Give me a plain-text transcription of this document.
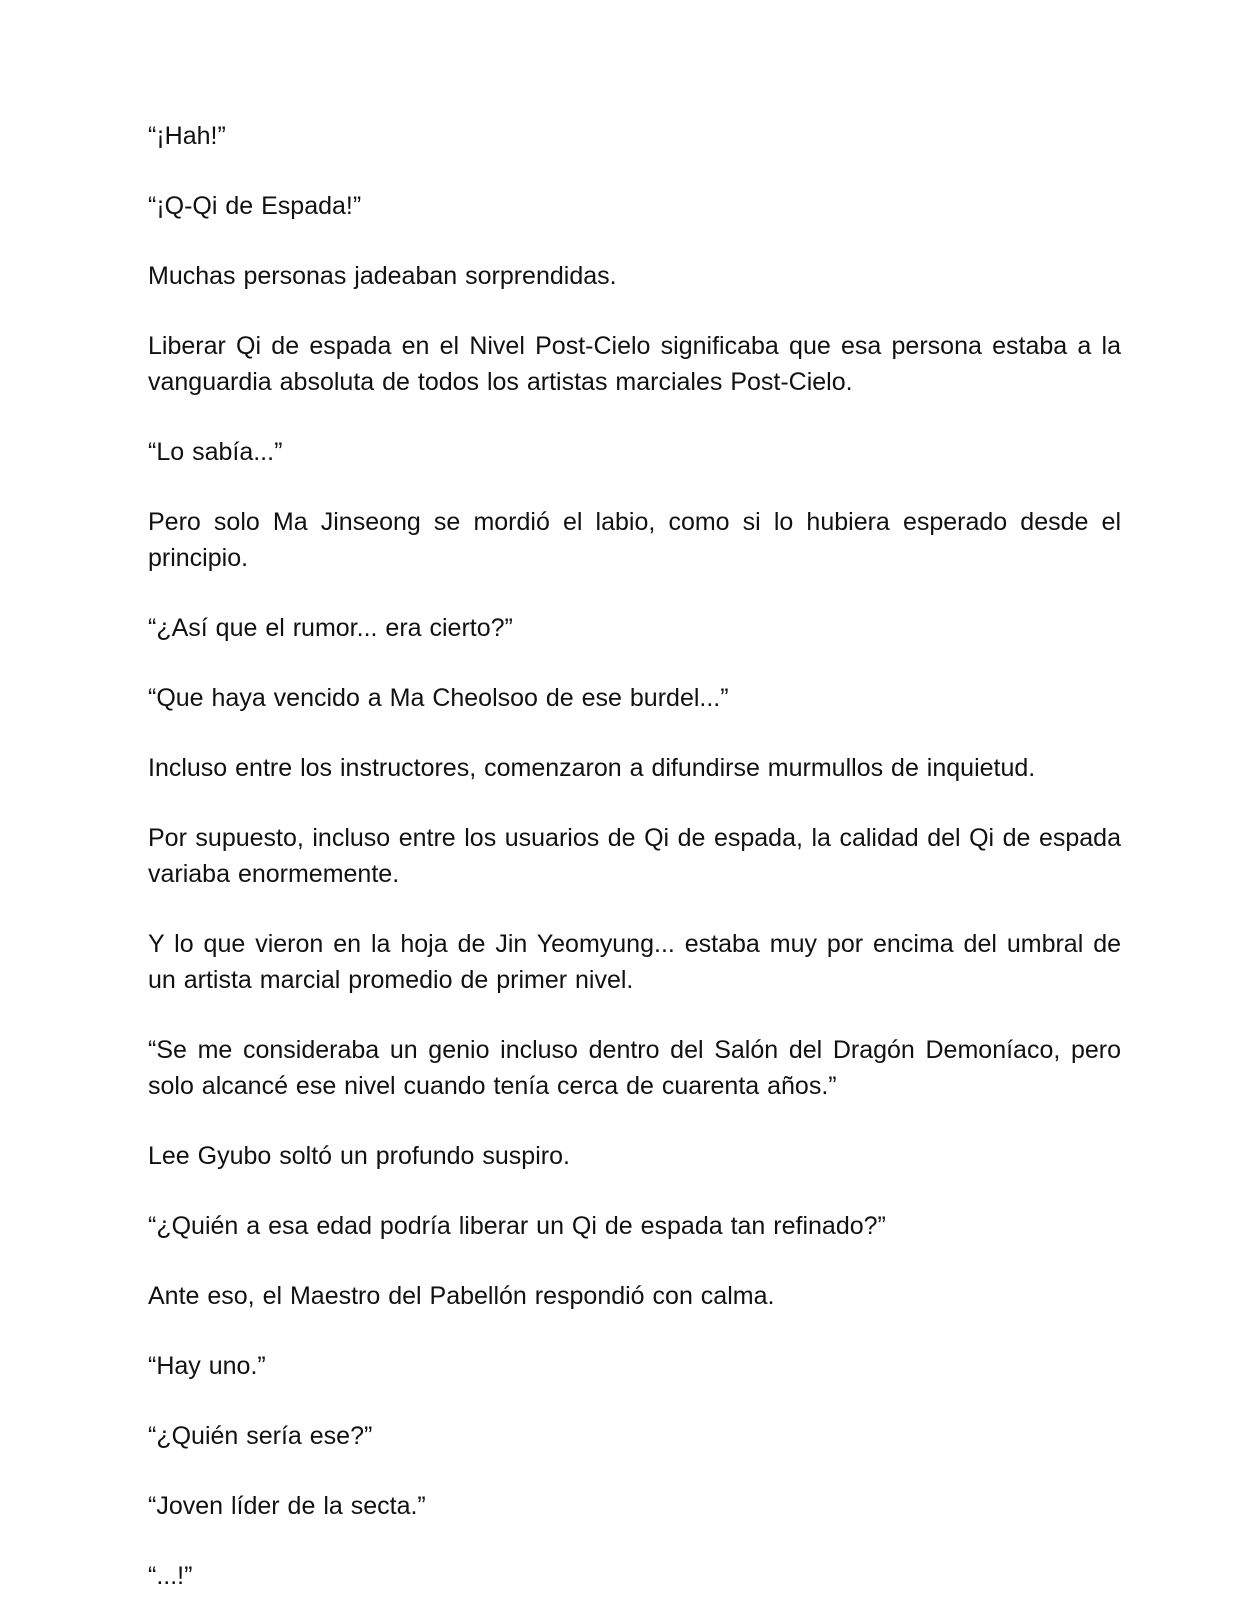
“¡Hah!”

“¡Q-Qi de Espada!”

Muchas personas jadeaban sorprendidas.

Liberar Qi de espada en el Nivel Post-Cielo significaba que esa persona estaba a la vanguardia absoluta de todos los artistas marciales Post-Cielo.

“Lo sabía...”

Pero solo Ma Jinseong se mordió el labio, como si lo hubiera esperado desde el principio.

“¿Así que el rumor... era cierto?”

“Que haya vencido a Ma Cheolsoo de ese burdel...”

Incluso entre los instructores, comenzaron a difundirse murmullos de inquietud.

Por supuesto, incluso entre los usuarios de Qi de espada, la calidad del Qi de espada variaba enormemente.

Y lo que vieron en la hoja de Jin Yeomyung... estaba muy por encima del umbral de un artista marcial promedio de primer nivel.

“Se me consideraba un genio incluso dentro del Salón del Dragón Demoníaco, pero solo alcancé ese nivel cuando tenía cerca de cuarenta años.”

Lee Gyubo soltó un profundo suspiro.

“¿Quién a esa edad podría liberar un Qi de espada tan refinado?”

Ante eso, el Maestro del Pabellón respondió con calma.

“Hay uno.”

“¿Quién sería ese?”

“Joven líder de la secta.”

“...!”
